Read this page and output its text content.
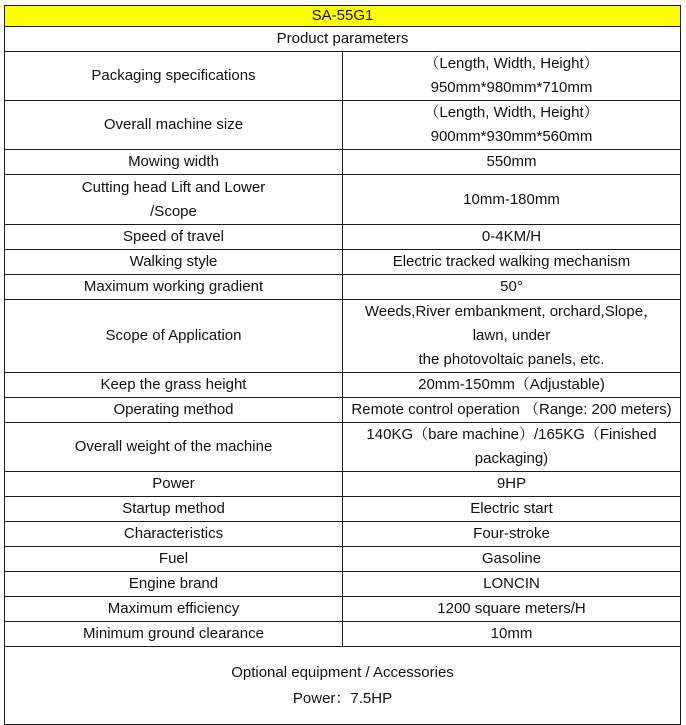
SA-55G1	
Product parameters	
Packaging specifications	（Length, Width, Height）950mm*980mm*710mm
Overall machine size	（Length, Width, Height）900mm*930mm*560mm
Mowing width	550mm

Cutting head Lift and Lower
/Scope	10mm-180mm
Speed of travel	0-4KM/H
Walking style	Electric tracked walking mechanism
Maximum working gradient	50°
Scope of Application	Weeds,River embankment, orchard,Slope， lawn, under
the photovoltaic panels, etc.

Keep the grass height	20mm-150mm（Adjustable)
Operating method	Remote control operation （Range: 200 meters)
Overall weight of the machine	140KG（bare machine）/165KG（Finished packaging)
Power	9HP
Startup method	Electric start
Characteristics	Four-stroke
Fuel	Gasoline
Engine brand	LONCIN
Maximum efficiency	1200 square meters/H
Minimum ground clearance	10mm

Optional equipment / Accessories
Power：7.5HP	
